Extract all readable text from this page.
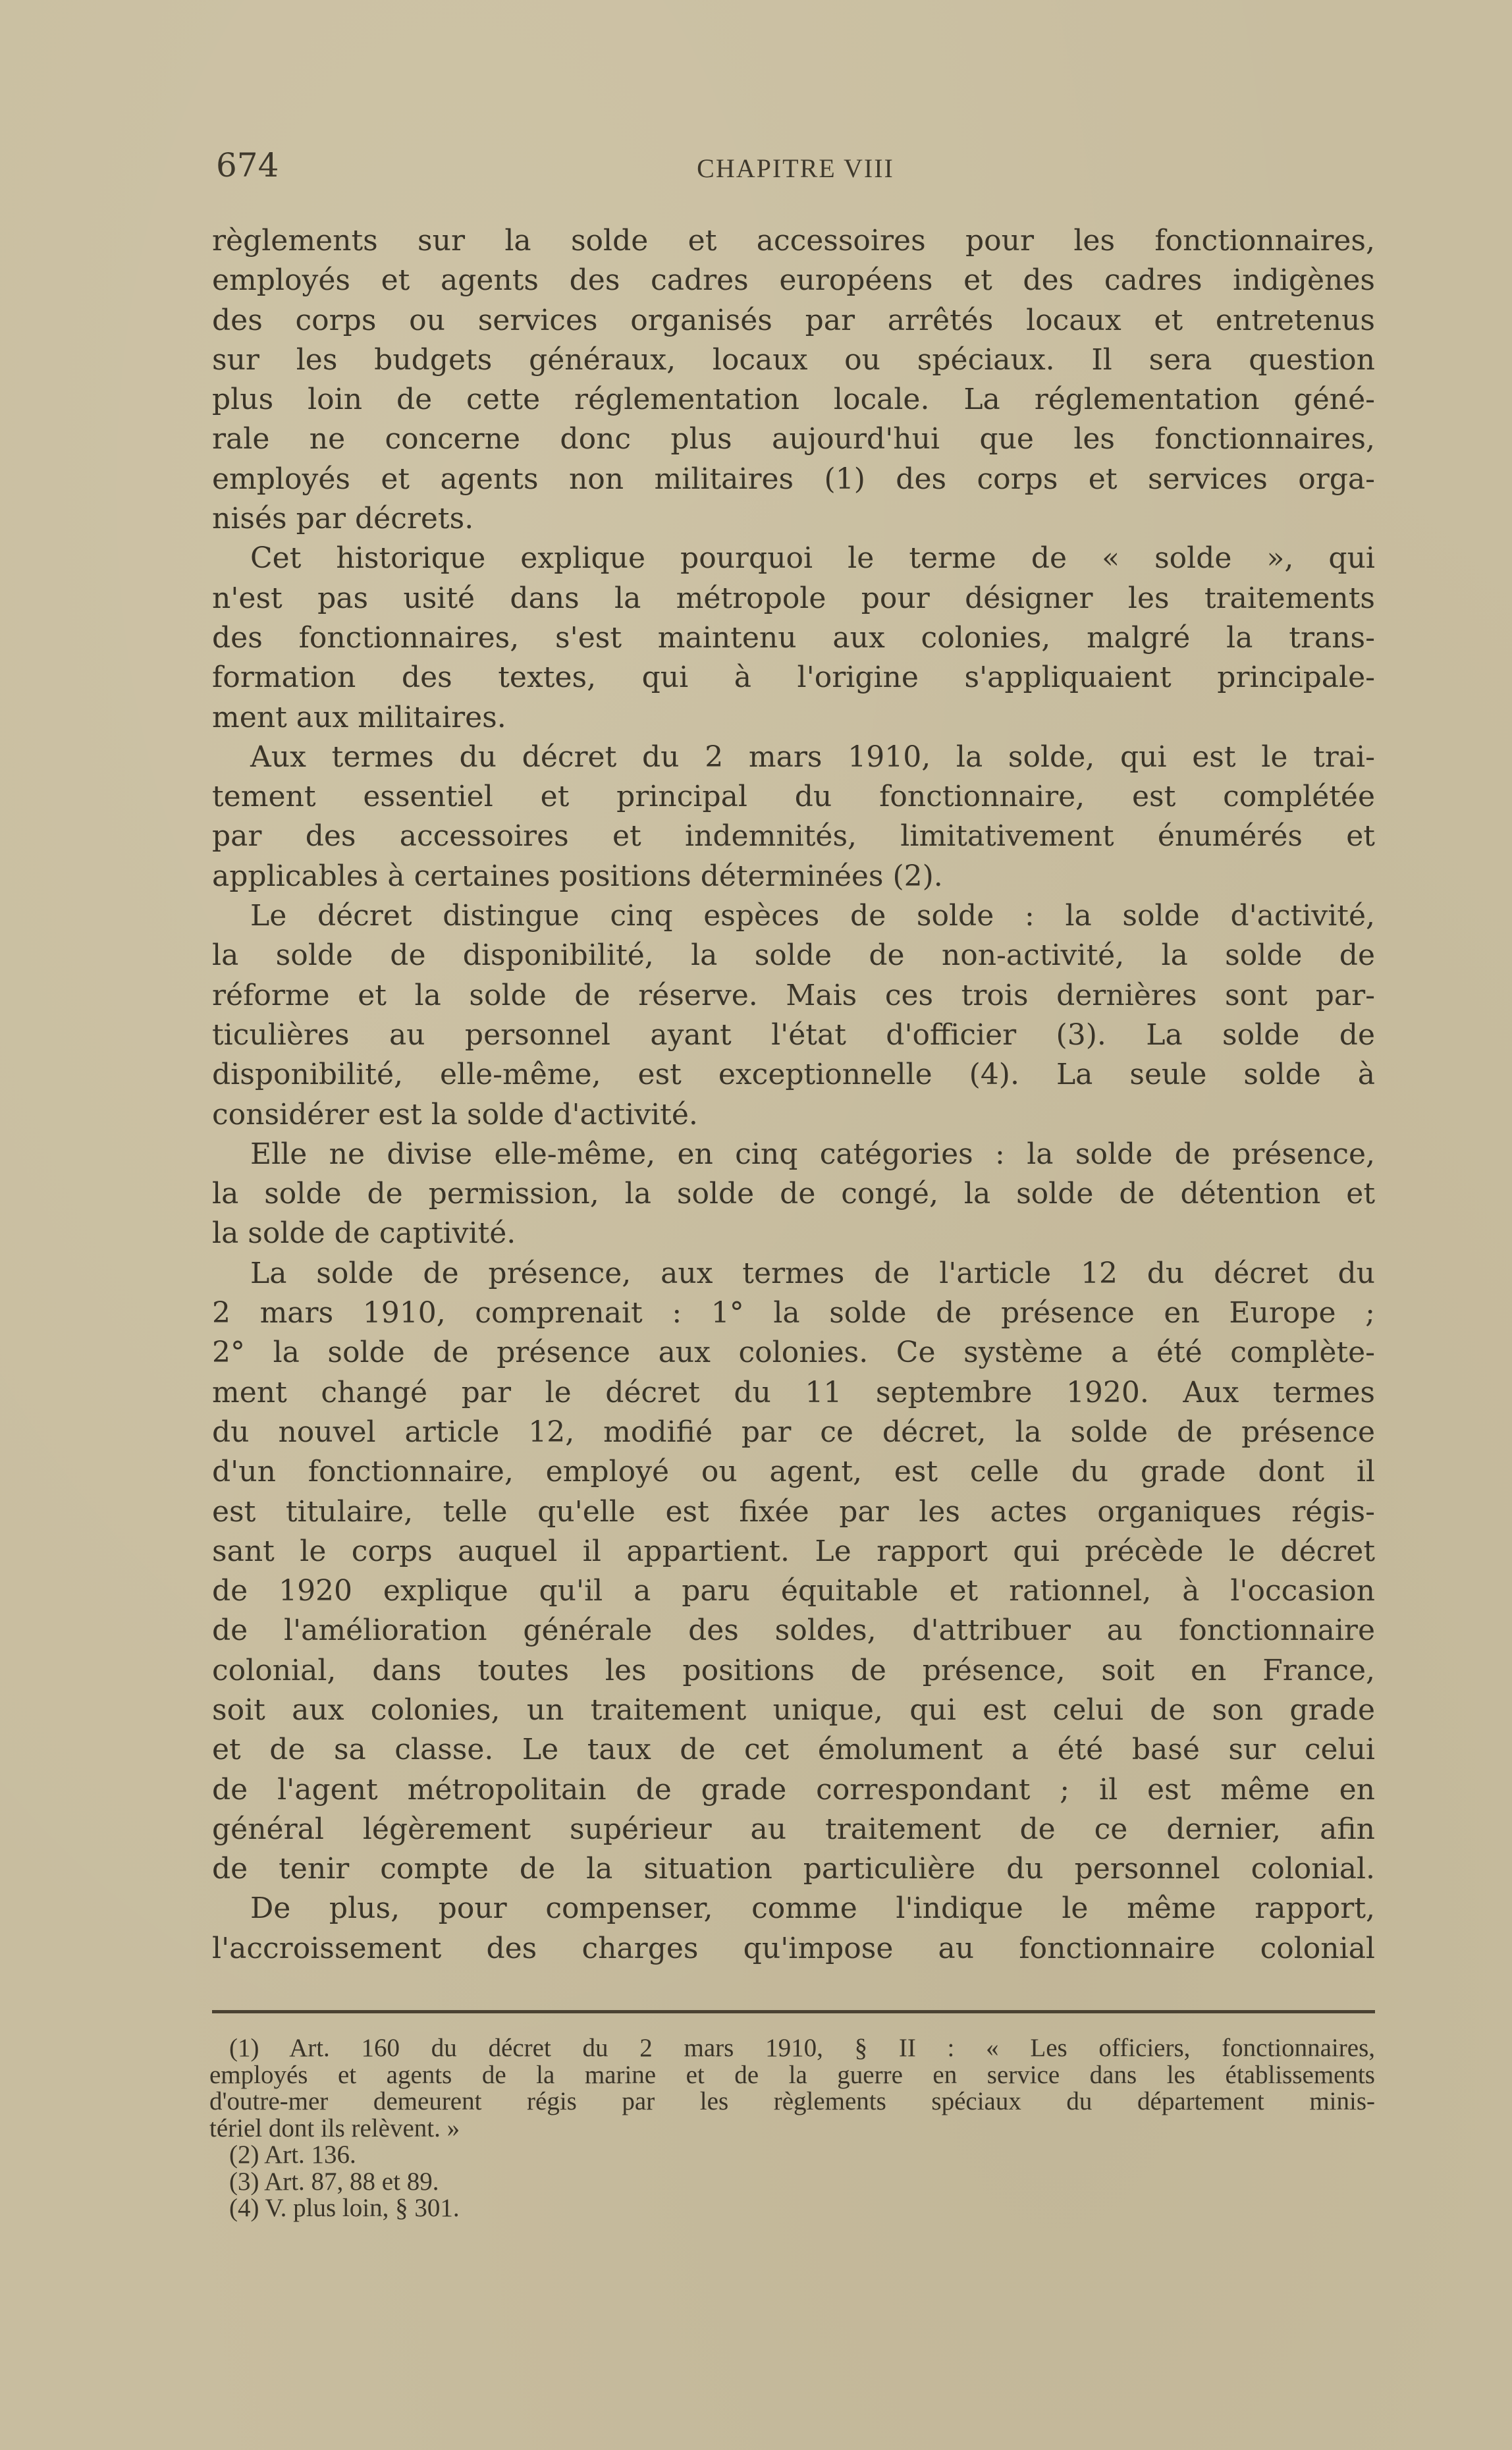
674	CHAPITRE VIII
règlements sur la solde et accessoires pour les fonctionnaires,
employés et agents des cadres européens et des cadres indigènes
des corps ou services organisés par arrêtés locaux et entretenus
sur les budgets généraux, locaux ou spéciaux. Il sera question
plus loin de cette réglementation locale. La réglementation géné-
rale ne concerne donc plus aujourd'hui que les fonctionnaires,
employés et agents non militaires (1) des corps et services orga-
nisés par décrets.
Cet historique explique pourquoi le terme de « solde », qui
n'est pas usité dans la métropole pour désigner les traitements
des fonctionnaires, s'est maintenu aux colonies, malgré la trans-
formation des textes, qui à l'origine s'appliquaient principale-
ment aux militaires.
Aux termes du décret du 2 mars 1910, la solde, qui est le trai-
tement essentiel et principal du fonctionnaire, est complétée
par des accessoires et indemnités, limitativement énumérés et
applicables à certaines positions déterminées (2).
Le décret distingue cinq espèces de solde : la solde d'activité,
la solde de disponibilité, la solde de non-activité, la solde de
réforme et la solde de réserve. Mais ces trois dernières sont par-
ticulières au personnel ayant l'état d'officier (3). La solde de
disponibilité, elle-même, est exceptionnelle (4). La seule solde à
considérer est la solde d'activité.
Elle ne divise elle-même, en cinq catégories : la solde de présence,
la solde de permission, la solde de congé, la solde de détention et
la solde de captivité.
La solde de présence, aux termes de l'article 12 du décret du
2 mars 1910, comprenait : 1° la solde de présence en Europe ;
2° la solde de présence aux colonies. Ce système a été complète-
ment changé par le décret du 11 septembre 1920. Aux termes
du nouvel article 12, modifié par ce décret, la solde de présence
d'un fonctionnaire, employé ou agent, est celle du grade dont il
est titulaire, telle qu'elle est fixée par les actes organiques régis-
sant le corps auquel il appartient. Le rapport qui précède le décret
de 1920 explique qu'il a paru équitable et rationnel, à l'occasion
de l'amélioration générale des soldes, d'attribuer au fonctionnaire
colonial, dans toutes les positions de présence, soit en France,
soit aux colonies, un traitement unique, qui est celui de son grade
et de sa classe. Le taux de cet émolument a été basé sur celui
de l'agent métropolitain de grade correspondant ; il est même en
général légèrement supérieur au traitement de ce dernier, afin
de tenir compte de la situation particulière du personnel colonial.
De plus, pour compenser, comme l'indique le même rapport,
l'accroissement des charges qu'impose au fonctionnaire colonial
(1) Art. 160 du décret du 2 mars 1910, § II : « Les officiers, fonctionnaires,
employés et agents de la marine et de la guerre en service dans les établissements
d'outre-mer demeurent régis par les règlements spéciaux du département minis-
tériel dont ils relèvent. »
(2) Art. 136.
(3) Art. 87, 88 et 89.
(4) V. plus loin, § 301.
